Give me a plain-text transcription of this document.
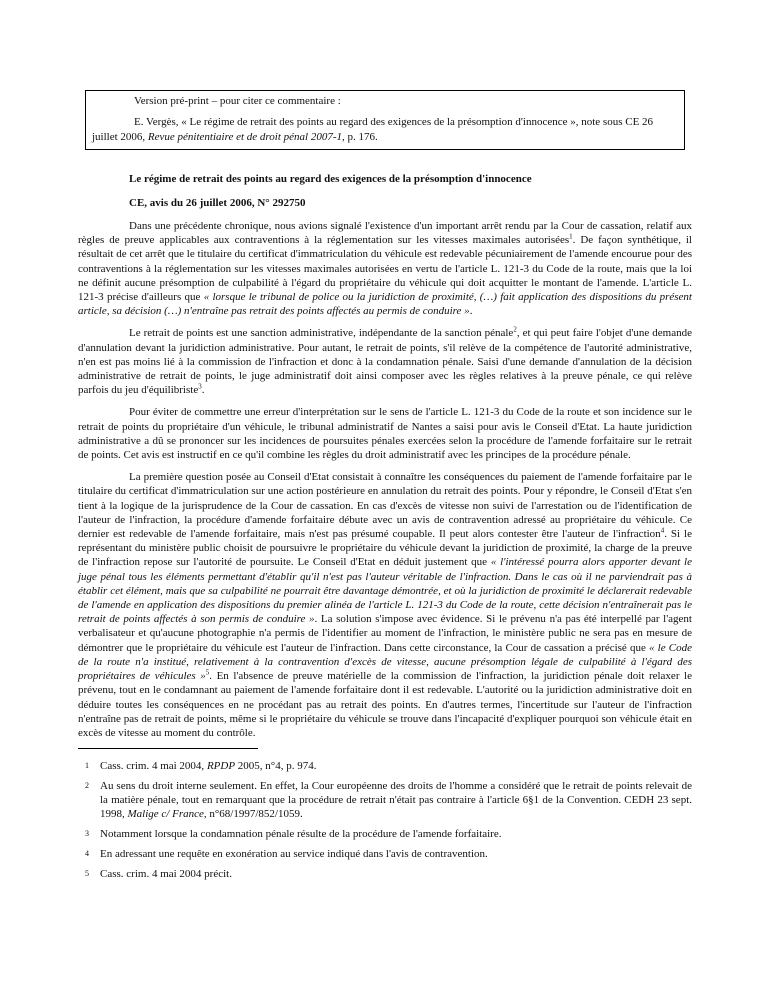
Version pré-print – pour citer ce commentaire :

E. Vergès, « Le régime de retrait des points au regard des exigences de la présomption d'innocence », note sous CE 26 juillet 2006, Revue pénitentiaire et de droit pénal 2007-1, p. 176.

Le régime de retrait des points au regard des exigences de la présomption d'innocence

CE, avis du 26 juillet 2006, N° 292750

Dans une précédente chronique, nous avions signalé l'existence d'un important arrêt rendu par la Cour de cassation, relatif aux règles de preuve applicables aux contraventions à la réglementation sur les vitesses maximales autorisées$^1$. De façon synthétique, il résultait de cet arrêt que le titulaire du certificat d'immatriculation du véhicule est redevable pécuniairement de l'amende encourue pour des contraventions à la réglementation sur les vitesses maximales autorisées en vertu de l'article L. 121-3 du Code de la route, mais que la loi ne définit aucune présomption de culpabilité à l'égard du propriétaire du véhicule qui doit acquitter le montant de l'amende. L'article L. 121-3 précise d'ailleurs que « lorsque le tribunal de police ou la juridiction de proximité, (…) fait application des dispositions du présent article, sa décision (…) n'entraîne pas retrait des points affectés au permis de conduire ».

Le retrait de points est une sanction administrative, indépendante de la sanction pénale$^2$, et qui peut faire l'objet d'une demande d'annulation devant la juridiction administrative. Pour autant, le retrait de points, s'il relève de la compétence de l'autorité administrative, n'en est pas moins lié à la commission de l'infraction et donc à la condamnation pénale. Saisi d'une demande d'annulation de la décision administrative de retrait de points, le juge administratif doit ainsi composer avec les règles relatives à la preuve pénale, ce qui relève parfois du jeu d'équilibriste$^3$.

Pour éviter de commettre une erreur d'interprétation sur le sens de l'article L. 121-3 du Code de la route et son incidence sur le retrait de points du propriétaire d'un véhicule, le tribunal administratif de Nantes a saisi pour avis le Conseil d'Etat. La haute juridiction administrative a dû se prononcer sur les incidences de poursuites pénales exercées selon la procédure de l'amende forfaitaire sur le retrait de points. Cet avis est instructif en ce qu'il combine les règles du droit administratif avec les principes de la procédure pénale.

La première question posée au Conseil d'Etat consistait à connaître les conséquences du paiement de l'amende forfaitaire par le titulaire du certificat d'immatriculation sur une action postérieure en annulation du retrait des points. Pour y répondre, le Conseil d'Etat s'en tient à la logique de la jurisprudence de la Cour de cassation. En cas d'excès de vitesse non suivi de l'arrestation ou de l'identification de l'auteur de l'infraction, la procédure d'amende forfaitaire débute avec un avis de contravention adressé au propriétaire du véhicule. Ce dernier est redevable de l'amende forfaitaire, mais n'est pas présumé coupable. Il peut alors contester être l'auteur de l'infraction$^4$. Si le représentant du ministère public choisit de poursuivre le propriétaire du véhicule devant la juridiction de proximité, la charge de la preuve de l'infraction repose sur l'autorité de poursuite. Le Conseil d'Etat en déduit justement que « l'intéressé pourra alors apporter devant le juge pénal tous les éléments permettant d'établir qu'il n'est pas l'auteur véritable de l'infraction. Dans le cas où il ne parviendrait pas à établir cet élément, mais que sa culpabilité ne pourrait être davantage démontrée, et où la juridiction de proximité le déclarerait redevable de l'amende en application des dispositions du premier alinéa de l'article L. 121-3 du Code de la route, cette décision n'entraînerait pas le retrait de points affectés à son permis de conduire ». La solution s'impose avec évidence. Si le prévenu n'a pas été interpellé par l'agent verbalisateur et qu'aucune photographie n'a permis de l'identifier au moment de l'infraction, le ministère public ne sera pas en mesure de démontrer que le propriétaire du véhicule est l'auteur de l'infraction. Dans cette circonstance, la Cour de cassation a précisé que « le Code de la route n'a institué, relativement à la contravention d'excès de vitesse, aucune présomption légale de culpabilité à l'égard des propriétaires de véhicules »$^5$. En l'absence de preuve matérielle de la commission de l'infraction, la juridiction pénale doit relaxer le prévenu, tout en le condamnant au paiement de l'amende forfaitaire dont il est redevable. L'autorité ou la juridiction administrative doit en déduire toutes les conséquences en ne procédant pas au retrait des points. En d'autres termes, l'incertitude sur l'auteur de l'infraction n'entraîne pas de retrait de points, même si le propriétaire du véhicule se trouve dans l'incapacité d'expliquer pourquoi son véhicule était en excès de vitesse au moment du contrôle.

1 Cass. crim. 4 mai 2004, RPDP 2005, n°4, p. 974.

2 Au sens du droit interne seulement. En effet, la Cour européenne des droits de l'homme a considéré que le retrait de points relevait de la matière pénale, tout en remarquant que la procédure de retrait n'était pas contraire à l'article 6§1 de la Convention. CEDH 23 sept. 1998, Malige c/ France, n°68/1997/852/1059.

3 Notamment lorsque la condamnation pénale résulte de la procédure de l'amende forfaitaire.

4 En adressant une requête en exonération au service indiqué dans l'avis de contravention.

5 Cass. crim. 4 mai 2004 précit.
